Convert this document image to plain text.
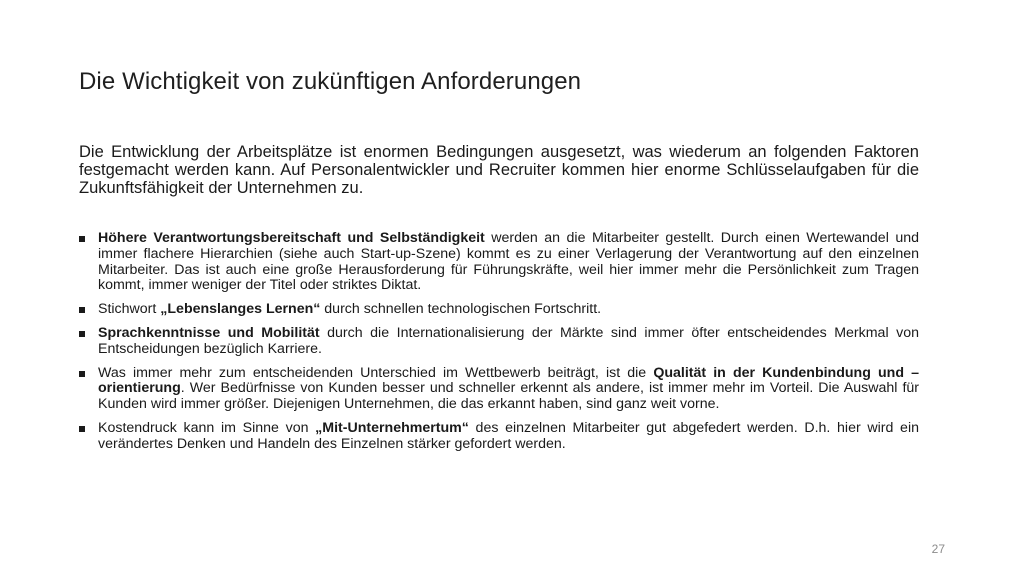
Die Wichtigkeit von zukünftigen Anforderungen

Die Entwicklung der Arbeitsplätze ist enormen Bedingungen ausgesetzt, was wiederum an folgenden Faktoren festgemacht werden kann. Auf Personalentwickler und Recruiter kommen hier enorme Schlüsselaufgaben für die Zukunftsfähigkeit der Unternehmen zu.

Höhere Verantwortungsbereitschaft und Selbständigkeit werden an die Mitarbeiter gestellt. Durch einen Wertewandel und immer flachere Hierarchien (siehe auch Start-up-Szene) kommt es zu einer Verlagerung der Verantwortung auf den einzelnen Mitarbeiter. Das ist auch eine große Herausforderung für Führungskräfte, weil hier immer mehr die Persönlichkeit zum Tragen kommt, immer weniger der Titel oder striktes Diktat.
Stichwort „Lebenslanges Lernen“ durch schnellen technologischen Fortschritt.
Sprachkenntnisse und Mobilität durch die Internationalisierung der Märkte sind immer öfter entscheidendes Merkmal von Entscheidungen bezüglich Karriere.
Was immer mehr zum entscheidenden Unterschied im Wettbewerb beiträgt, ist die Qualität in der Kundenbindung und –orientierung. Wer Bedürfnisse von Kunden besser und schneller erkennt als andere, ist immer mehr im Vorteil. Die Auswahl für Kunden wird immer größer. Diejenigen Unternehmen, die das erkannt haben, sind ganz weit vorne.
Kostendruck kann im Sinne von „Mit-Unternehmertum“ des einzelnen Mitarbeiter gut abgefedert werden. D.h. hier wird ein verändertes Denken und Handeln des Einzelnen stärker gefordert werden.
27
